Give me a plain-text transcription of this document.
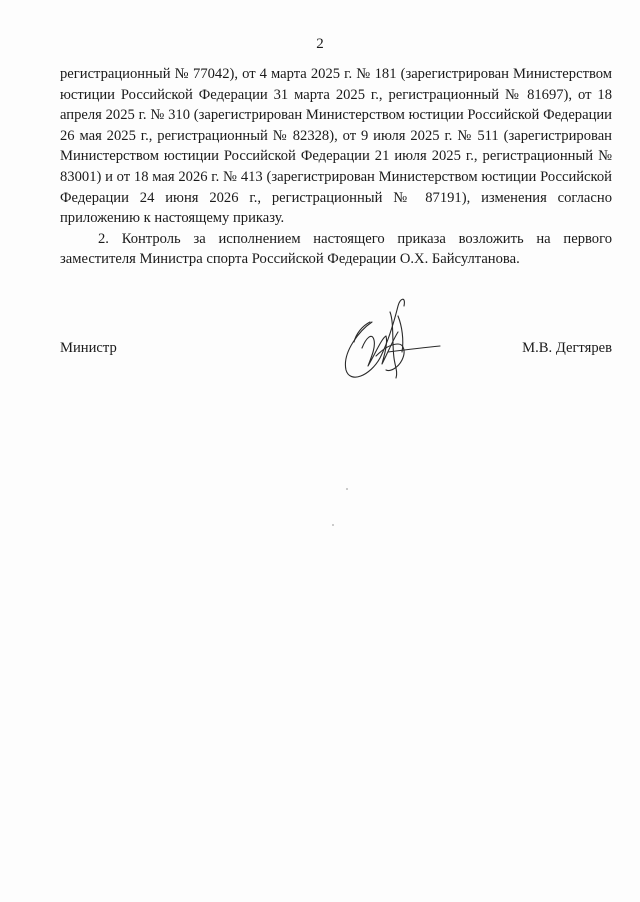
2

регистрационный № 77042), от 4 марта 2025 г. № 181 (зарегистрирован Министерством юстиции Российской Федерации 31 марта 2025 г., регистрационный № 81697), от 18 апреля 2025 г. № 310 (зарегистрирован Министерством юстиции Российской Федерации 26 мая 2025 г., регистрационный № 82328), от 9 июля 2025 г. № 511 (зарегистрирован Министерством юстиции Российской Федерации 21 июля 2025 г., регистрационный № 83001) и от 18 мая 2026 г. № 413 (зарегистрирован Министерством юстиции Российской Федерации 24 июня 2026 г., регистрационный № 87191), изменения согласно приложению к настоящему приказу.

2. Контроль за исполнением настоящего приказа возложить на первого заместителя Министра спорта Российской Федерации О.Х. Байсултанова.

Министр	М.В. Дегтярев
